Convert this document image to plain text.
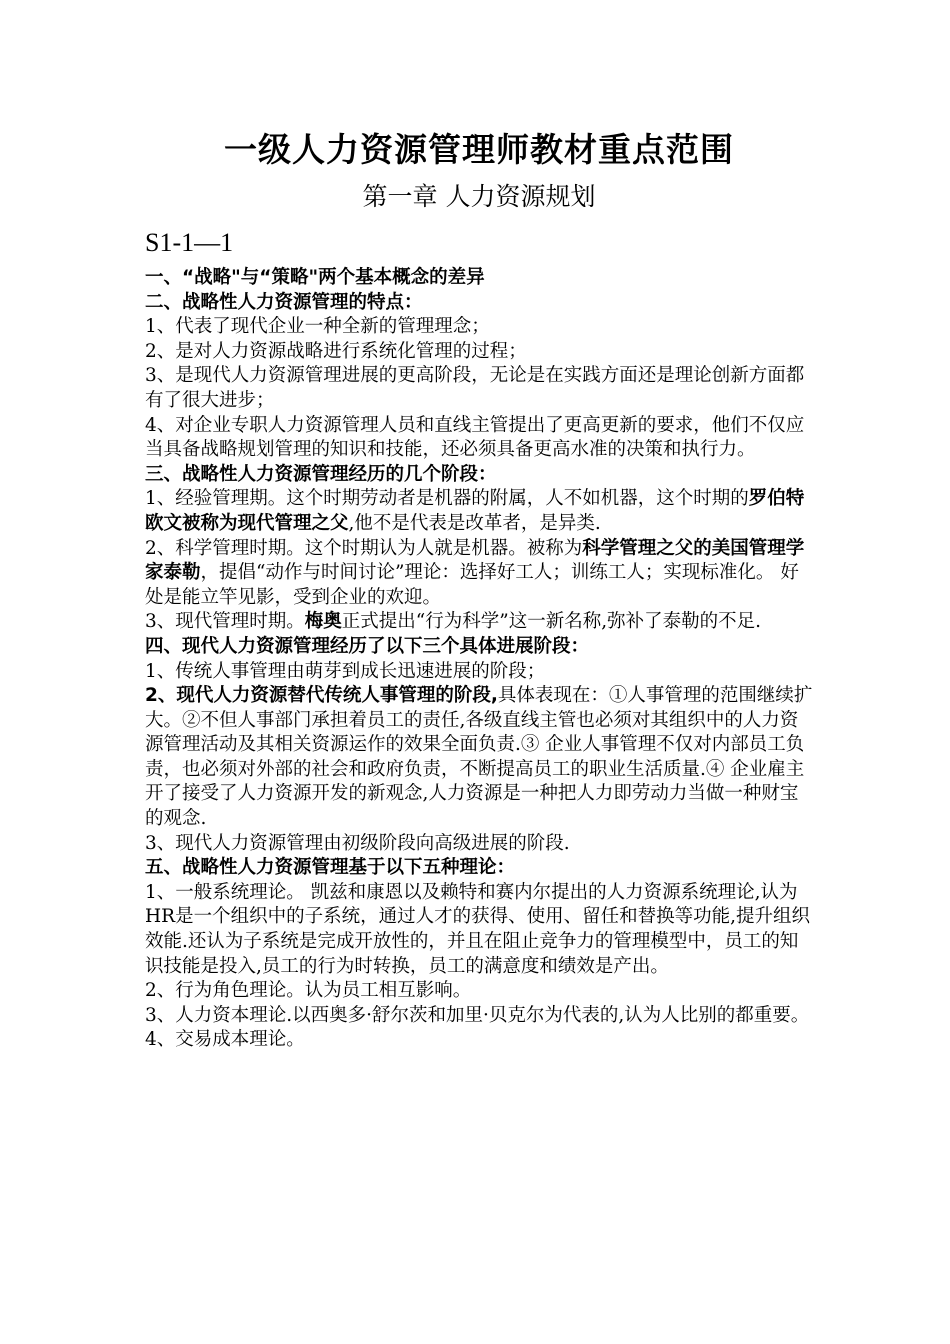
一级人力资源管理师教材重点范围
第一章 人力资源规划
S1-1—1

一、“战略"与“策略"两个基本概念的差异

二、战略性人力资源管理的特点：

1、代表了现代企业一种全新的管理理念；

2、是对人力资源战略进行系统化管理的过程；

3、是现代人力资源管理进展的更高阶段，无论是在实践方面还是理论创新方面都有了很大进步；

4、对企业专职人力资源管理人员和直线主管提出了更高更新的要求，他们不仅应当具备战略规划管理的知识和技能，还必须具备更高水准的决策和执行力。

三、战略性人力资源管理经历的几个阶段：

1、经验管理期。这个时期劳动者是机器的附属，人不如机器，这个时期的罗伯特 欧文被称为现代管理之父,他不是代表是改革者，是异类.

2、科学管理时期。这个时期认为人就是机器。被称为科学管理之父的美国管理学家泰勒，提倡“动作与时间讨论”理论：选择好工人；训练工人；实现标准化。 好处是能立竿见影，受到企业的欢迎。

3、现代管理时期。梅奥正式提出“行为科学”这一新名称,弥补了泰勒的不足.

四、现代人力资源管理经历了以下三个具体进展阶段：

1、传统人事管理由萌芽到成长迅速进展的阶段；

2、现代人力资源替代传统人事管理的阶段,具体表现在：①人事管理的范围继续扩大。②不但人事部门承担着员工的责任,各级直线主管也必须对其组织中的人力资源管理活动及其相关资源运作的效果全面负责.③ 企业人事管理不仅对内部员工负责，也必须对外部的社会和政府负责，不断提高员工的职业生活质量.④ 企业雇主开了接受了人力资源开发的新观念,人力资源是一种把人力即劳动力当做一种财宝的观念.

3、现代人力资源管理由初级阶段向高级进展的阶段.

五、战略性人力资源管理基于以下五种理论：

1、一般系统理论。 凯兹和康恩以及赖特和赛内尔提出的人力资源系统理论,认为HR是一个组织中的子系统，通过人才的获得、使用、留任和替换等功能,提升组织效能.还认为子系统是完成开放性的，并且在阻止竞争力的管理模型中，员工的知识技能是投入,员工的行为时转换，员工的满意度和绩效是产出。

2、行为角色理论。认为员工相互影响。

3、人力资本理论.以西奥多·舒尔茨和加里·贝克尔为代表的,认为人比别的都重要。

4、交易成本理论。
